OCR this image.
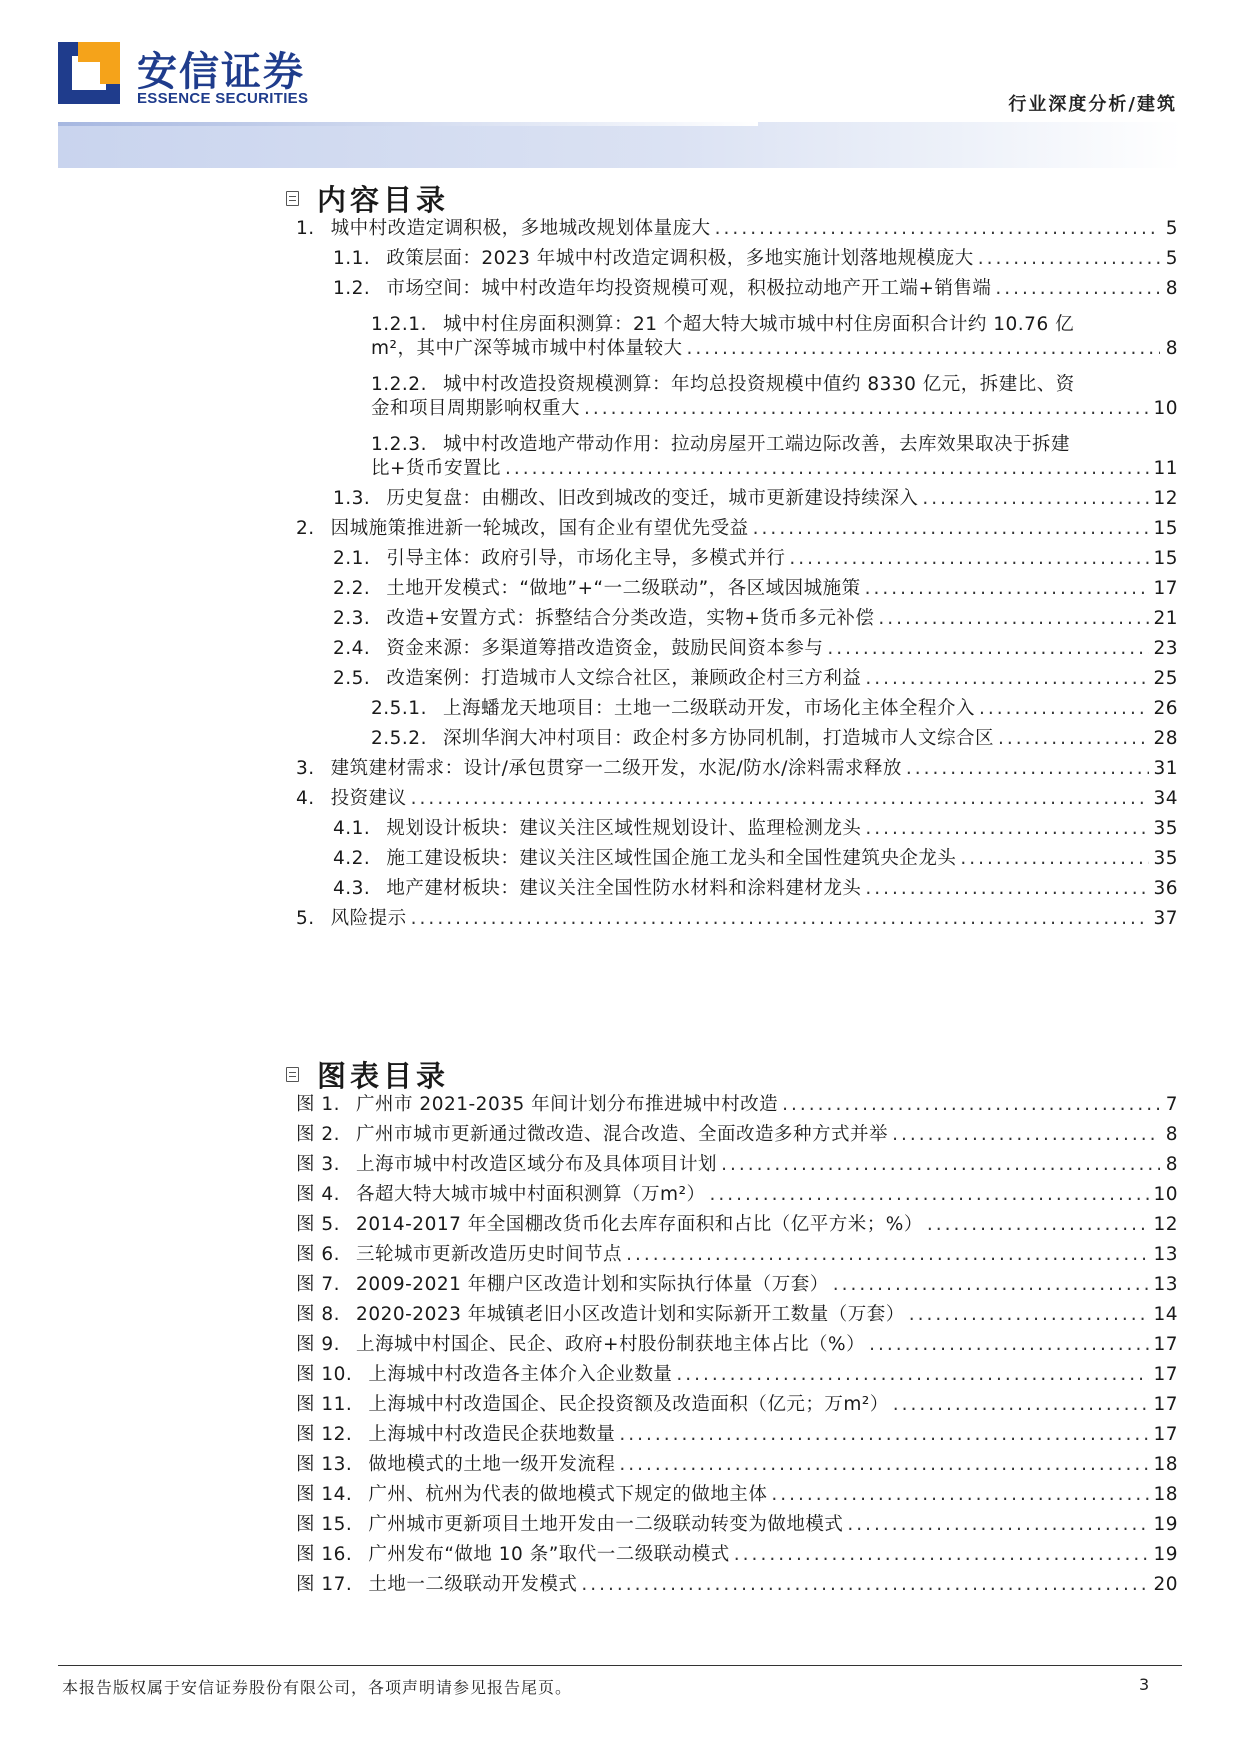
安信证券
ESSENCE SECURITIES	行业深度分析/建筑
内容目录
图表目录
1. 城中村改造定调积极，多地城改规划体量庞大 .....	5
1.1. 政策层面：2023 年城中村改造定调积极，多地实施计划落地规模庞大 .....	5
1.2. 市场空间：城中村改造年均投资规模可观，积极拉动地产开工端+销售端 .....	8
1.2.1. 城中村住房面积测算：21 个超大特大城市城中村住房面积合计约 10.76 亿
m²，其中广深等城市城中村体量较大 .....	8
1.2.2. 城中村改造投资规模测算：年均总投资规模中值约 8330 亿元，拆建比、资
金和项目周期影响权重大 .....	10
1.2.3. 城中村改造地产带动作用：拉动房屋开工端边际改善，去库效果取决于拆建
比+货币安置比 .....	11
1.3. 历史复盘：由棚改、旧改到城改的变迁，城市更新建设持续深入 .....	12
2. 因城施策推进新一轮城改，国有企业有望优先受益 .....	15
2.1. 引导主体：政府引导，市场化主导，多模式并行 .....	15
2.2. 土地开发模式：“做地”+“一二级联动”，各区域因城施策 .....	17
2.3. 改造+安置方式：拆整结合分类改造，实物+货币多元补偿 .....	21
2.4. 资金来源：多渠道筹措改造资金，鼓励民间资本参与 .....	23
2.5. 改造案例：打造城市人文综合社区，兼顾政企村三方利益 .....	25
2.5.1. 上海蟠龙天地项目：土地一二级联动开发，市场化主体全程介入 .....	26
2.5.2. 深圳华润大冲村项目：政企村多方协同机制，打造城市人文综合区 .....	28
3. 建筑建材需求：设计/承包贯穿一二级开发，水泥/防水/涂料需求释放 .....	31
4. 投资建议 .....	34
4.1. 规划设计板块：建议关注区域性规划设计、监理检测龙头 .....	35
4.2. 施工建设板块：建议关注区域性国企施工龙头和全国性建筑央企龙头 .....	35
4.3. 地产建材板块：建议关注全国性防水材料和涂料建材龙头 .....	36
5. 风险提示 .....	37
图 1. 广州市 2021-2035 年间计划分布推进城中村改造 .....	7
图 2. 广州市城市更新通过微改造、混合改造、全面改造多种方式并举 .....	8
图 3. 上海市城中村改造区域分布及具体项目计划 .....	8
图 4. 各超大特大城市城中村面积测算（万m²） .....	10
图 5. 2014-2017 年全国棚改货币化去库存面积和占比（亿平方米；%） .....	12
图 6. 三轮城市更新改造历史时间节点 .....	13
图 7. 2009-2021 年棚户区改造计划和实际执行体量（万套） .....	13
图 8. 2020-2023 年城镇老旧小区改造计划和实际新开工数量（万套） .....	14
图 9. 上海城中村国企、民企、政府+村股份制获地主体占比（%） .....	17
图 10. 上海城中村改造各主体介入企业数量 .....	17
图 11. 上海城中村改造国企、民企投资额及改造面积（亿元；万m²） .....	17
图 12. 上海城中村改造民企获地数量 .....	17
图 13. 做地模式的土地一级开发流程 .....	18
图 14. 广州、杭州为代表的做地模式下规定的做地主体 .....	18
图 15. 广州城市更新项目土地开发由一二级联动转变为做地模式 .....	19
图 16. 广州发布“做地 10 条”取代一二级联动模式 .....	19
图 17. 土地一二级联动开发模式 .....	20
本报告版权属于安信证券股份有限公司，各项声明请参见报告尾页。	3
